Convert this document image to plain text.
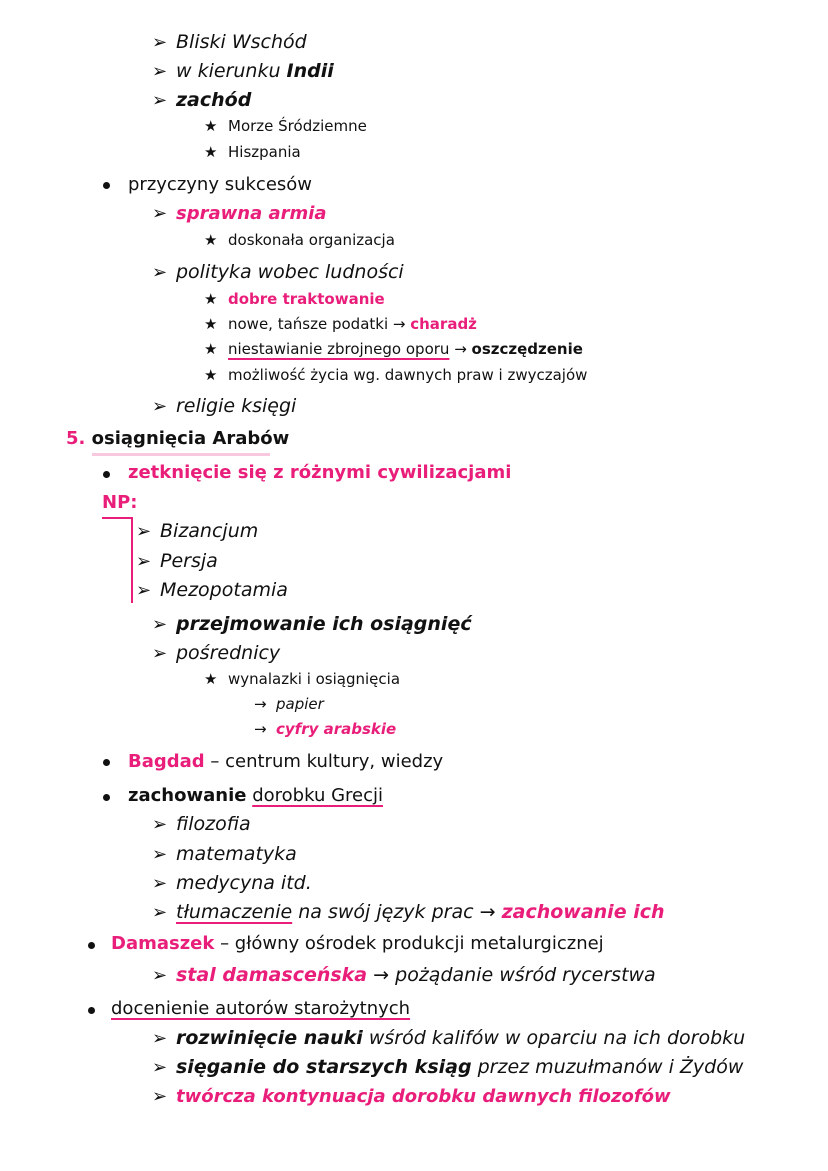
➢ Bliski Wschód
➢ w kierunku Indii
➢ zachód
★ Morze Śródziemne
★ Hiszpania
przyczyny sukcesów
➢ sprawna armia
★ doskonała organizacja
➢ polityka wobec ludności
★ dobre traktowanie
★ nowe, tańsze podatki → charadż
★ niestawianie zbrojnego oporu → oszczędzenie
★ możliwość życia wg. dawnych praw i zwyczajów
➢ religie księgi
5. osiągnięcia Arabów
zetknięcie się z różnymi cywilizacjami
NP:
➢ Bizancjum
➢ Persja
➢ Mezopotamia
➢ przejmowanie ich osiągnięć
➢ pośrednicy
★ wynalazki i osiągnięcia
→ papier
→ cyfry arabskie
Bagdad – centrum kultury, wiedzy
zachowanie dorobku Grecji
➢ filozofia
➢ matematyka
➢ medycyna itd.
➢ tłumaczenie na swój język prac → zachowanie ich
Damaszek – główny ośrodek produkcji metalurgicznej
➢ stal damasceńska → pożądanie wśród rycerstwa
docenienie autorów starożytnych
➢ rozwinięcie nauki wśród kalifów w oparciu na ich dorobku
➢ sięganie do starszych ksiąg przez muzułmanów i Żydów
➢ twórcza kontynuacja dorobku dawnych filozofów
